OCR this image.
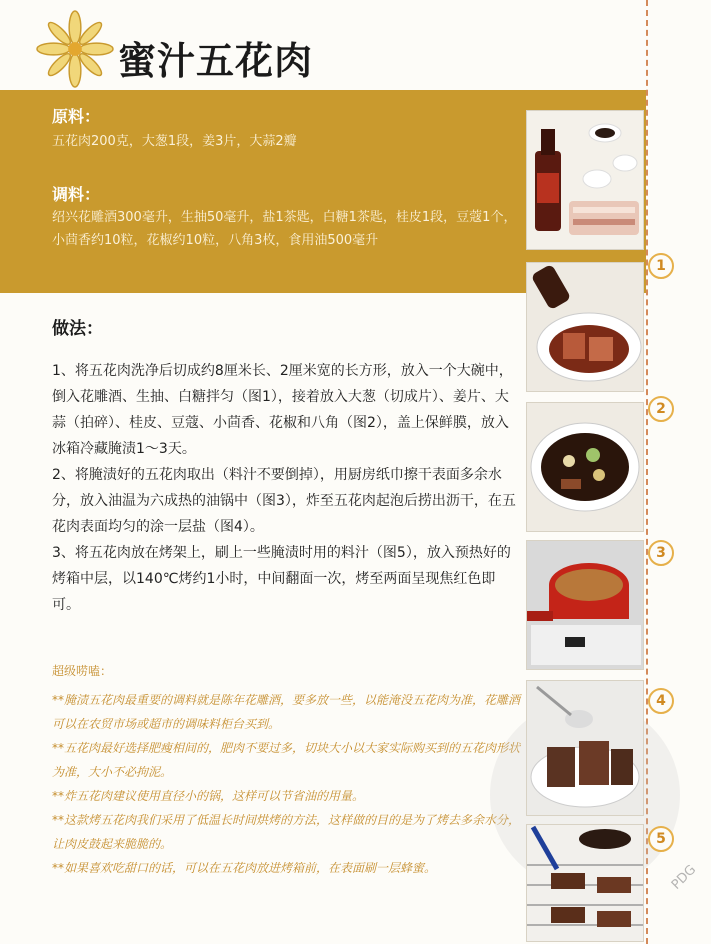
蜜汁五花肉
原料：
五花肉200克，大葱1段，姜3片，大蒜2瓣
调料：
绍兴花雕酒300毫升，生抽50毫升，盐1茶匙，白糖1茶匙，桂皮1段，豆蔻1个，小茴香约10粒，花椒约10粒，八角3枚，食用油500毫升
做法：

1、将五花肉洗净后切成约8厘米长、2厘米宽的长方形，放入一个大碗中，倒入花雕酒、生抽、白糖拌匀（图1），接着放入大葱（切成片）、姜片、大蒜（拍碎）、桂皮、豆蔻、小茴香、花椒和八角（图2），盖上保鲜膜，放入冰箱冷藏腌渍1～3天。

2、将腌渍好的五花肉取出（料汁不要倒掉），用厨房纸巾擦干表面多余水分，放入油温为六成热的油锅中（图3），炸至五花肉起泡后捞出沥干，在五花肉表面均匀的涂一层盐（图4）。

3、将五花肉放在烤架上，刷上一些腌渍时用的料汁（图5），放入预热好的烤箱中层，以140℃烤约1小时，中间翻面一次，烤至两面呈现焦红色即可。

超级唠嗑：

**腌渍五花肉最重要的调料就是陈年花雕酒，要多放一些，以能淹没五花肉为准，花雕酒可以在农贸市场或超市的调味料柜台买到。

**五花肉最好选择肥瘦相间的，肥肉不要过多，切块大小以大家实际购买到的五花肉形状为准，大小不必拘泥。

**炸五花肉建议使用直径小的锅，这样可以节省油的用量。

**这款烤五花肉我们采用了低温长时间烘烤的方法，这样做的目的是为了烤去多余水分，让肉皮鼓起来脆脆的。

**如果喜欢吃甜口的话，可以在五花肉放进烤箱前，在表面刷一层蜂蜜。	PDG
1
2
3
4
5
